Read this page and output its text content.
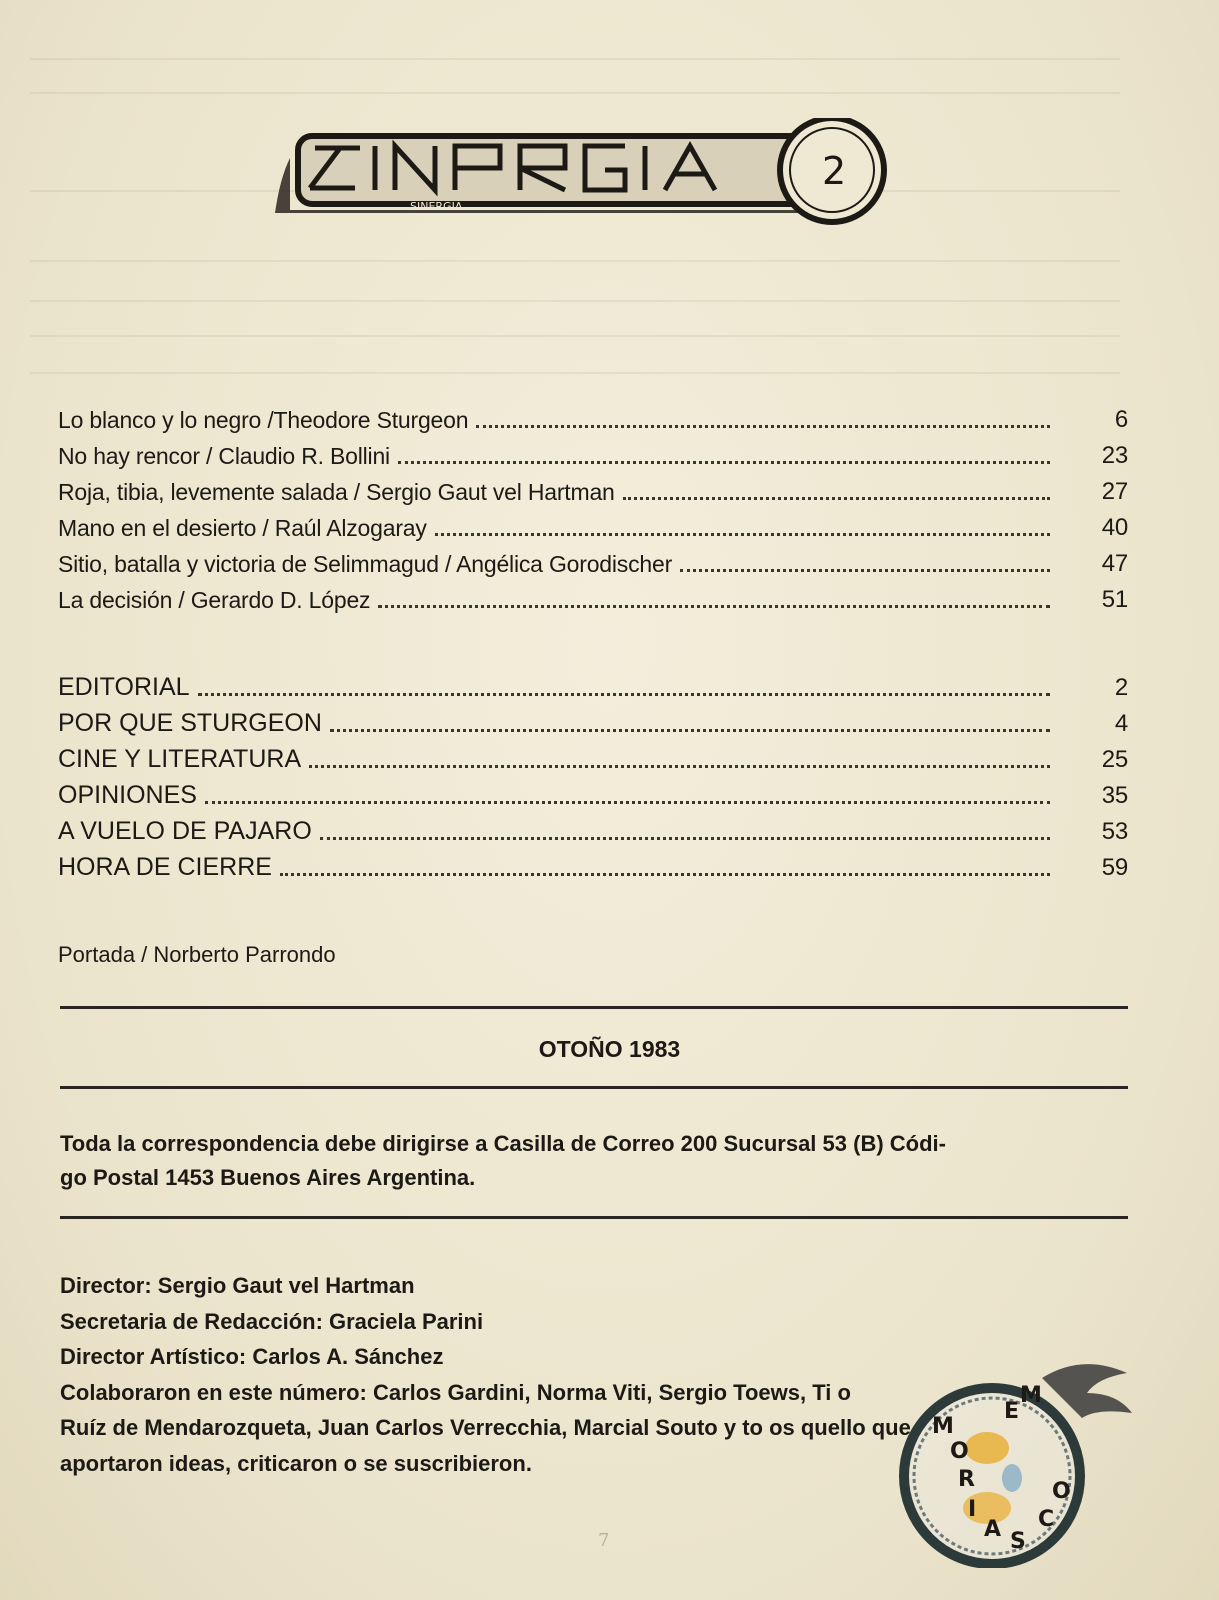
SINERGIA
2
Lo blanco y lo negro /Theodore Sturgeon	6
No hay rencor / Claudio R. Bollini	23
Roja, tibia, levemente salada / Sergio Gaut vel Hartman	27
Mano en el desierto / Raúl Alzogaray	40
Sitio, batalla y victoria de Selimmagud / Angélica Gorodischer	47
La decisión / Gerardo D. López	51
EDITORIAL	2
POR QUE STURGEON	4
CINE Y LITERATURA	25
OPINIONES	35
A VUELO DE PAJARO	53
HORA DE CIERRE	59
Portada / Norberto Parrondo
OTOÑO 1983
Toda la correspondencia debe dirigirse a Casilla de Correo 200 Sucursal 53 (B) Códi-
go Postal 1453 Buenos Aires Argentina.
Director: Sergio Gaut vel Hartman
Secretaria de Redacción: Graciela Parini
Director Artístico: Carlos A. Sánchez
Colaboraron en este número: Carlos Gardini, Norma Viti, Sergio Toews, Ti o
Ruíz de Mendarozqueta, Juan Carlos Verrecchia, Marcial Souto y to os quello que
aportaron ideas, criticaron o se suscribieron.
7
M
O
R
I
A S
C
O
E
M
